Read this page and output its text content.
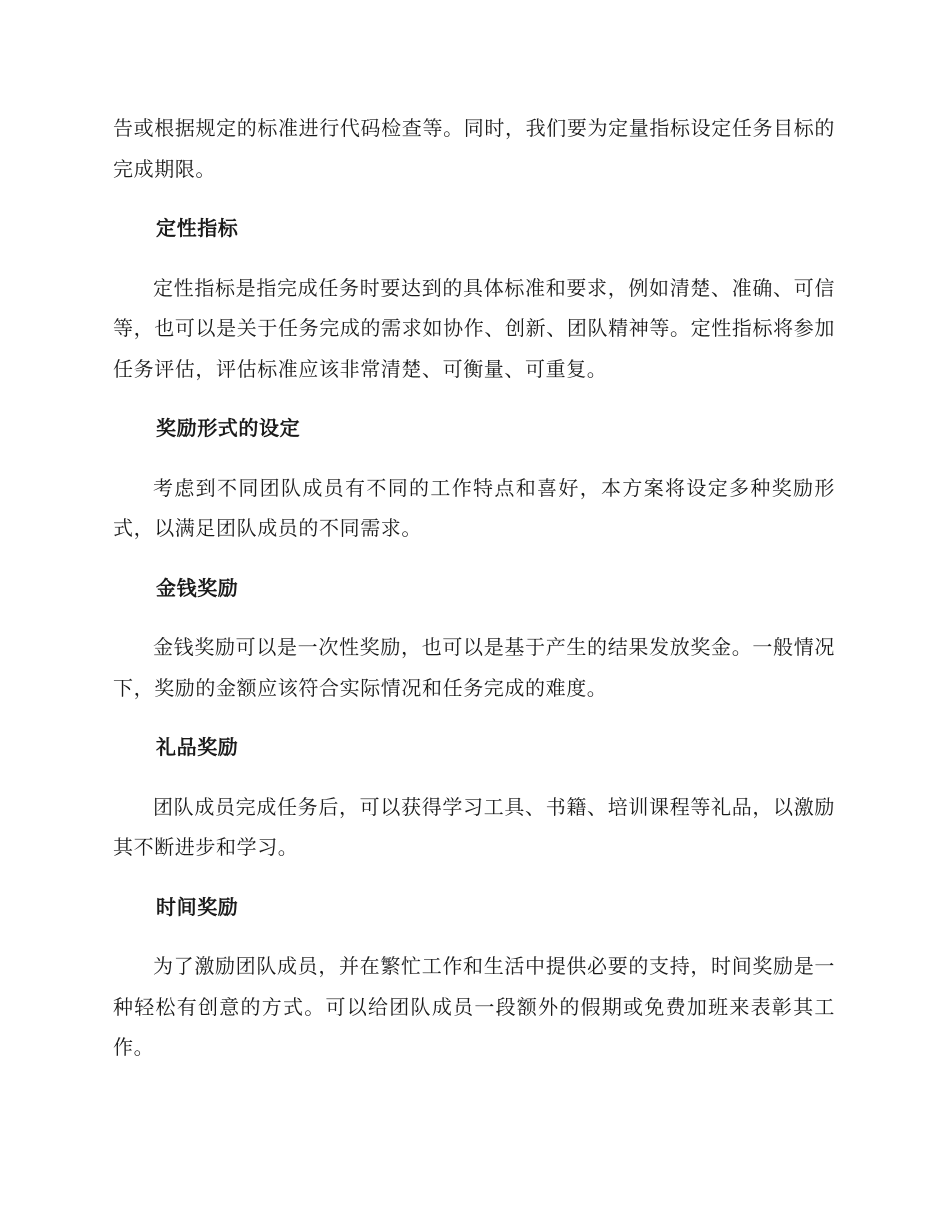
告或根据规定的标准进行代码检查等。同时，我们要为定量指标设定任务目标的完成期限。

定性指标

定性指标是指完成任务时要达到的具体标准和要求，例如清楚、准确、可信等，也可以是关于任务完成的需求如协作、创新、团队精神等。定性指标将参加任务评估，评估标准应该非常清楚、可衡量、可重复。

奖励形式的设定

考虑到不同团队成员有不同的工作特点和喜好，本方案将设定多种奖励形式，以满足团队成员的不同需求。

金钱奖励

金钱奖励可以是一次性奖励，也可以是基于产生的结果发放奖金。一般情况下，奖励的金额应该符合实际情况和任务完成的难度。

礼品奖励

团队成员完成任务后，可以获得学习工具、书籍、培训课程等礼品，以激励其不断进步和学习。

时间奖励

为了激励团队成员，并在繁忙工作和生活中提供必要的支持，时间奖励是一种轻松有创意的方式。可以给团队成员一段额外的假期或免费加班来表彰其工作。
